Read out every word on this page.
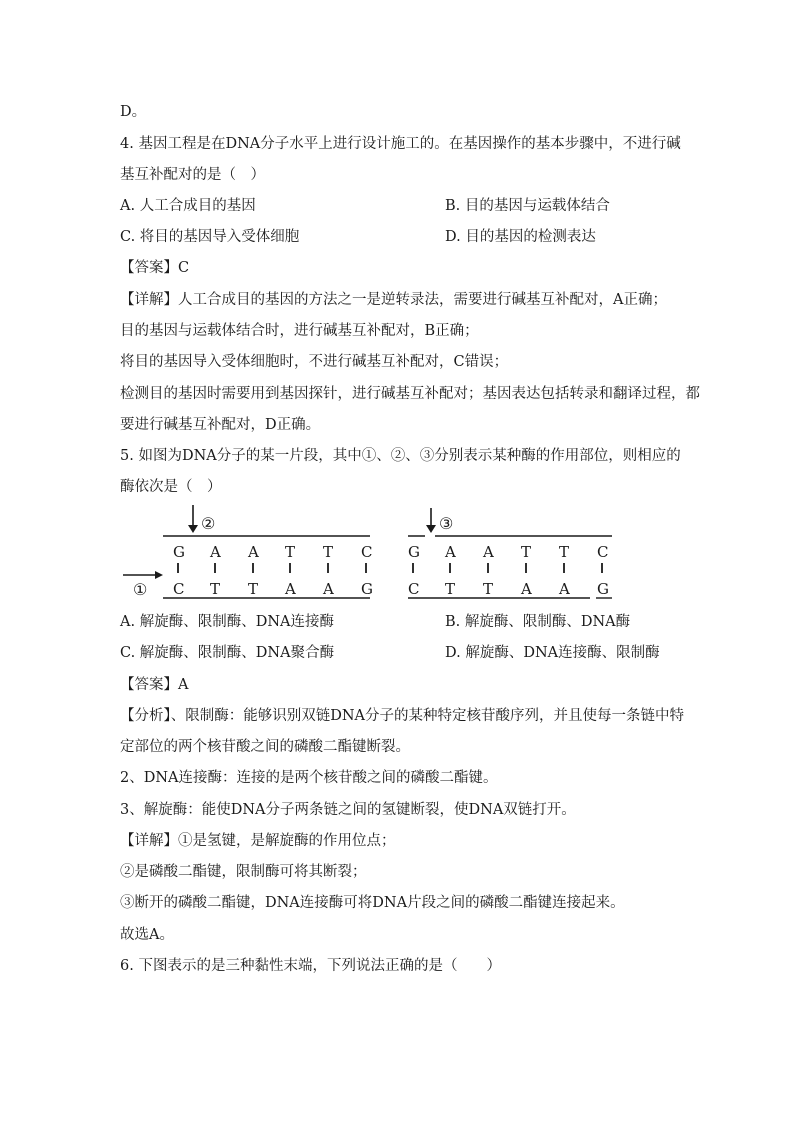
D。
4. 基因工程是在DNA分子水平上进行设计施工的。在基因操作的基本步骤中，不进行碱
基互补配对的是（　）
A. 人工合成目的基因	B. 目的基因与运载体结合
C. 将目的基因导入受体细胞	D. 目的基因的检测表达
【答案】C
【详解】人工合成目的基因的方法之一是逆转录法，需要进行碱基互补配对，A正确；
目的基因与运载体结合时，进行碱基互补配对，B正确；
将目的基因导入受体细胞时，不进行碱基互补配对，C错误；
检测目的基因时需要用到基因探针，进行碱基互补配对；基因表达包括转录和翻译过程，都
要进行碱基互补配对，D正确。
5. 如图为DNA分子的某一片段，其中①、②、③分别表示某种酶的作用部位，则相应的
酶依次是（　）
②
G A A T T C
① C T T A A G
③
G A A T T C
C T T A A G
A. 解旋酶、限制酶、DNA连接酶	B. 解旋酶、限制酶、DNA酶
C. 解旋酶、限制酶、DNA聚合酶	D. 解旋酶、DNA连接酶、限制酶
【答案】A
【分析】、限制酶：能够识别双链DNA分子的某种特定核苷酸序列，并且使每一条链中特
定部位的两个核苷酸之间的磷酸二酯键断裂。
2、DNA连接酶：连接的是两个核苷酸之间的磷酸二酯键。
3、解旋酶：能使DNA分子两条链之间的氢键断裂，使DNA双链打开。
【详解】①是氢键，是解旋酶的作用位点；
②是磷酸二酯键，限制酶可将其断裂；
③断开的磷酸二酯键，DNA连接酶可将DNA片段之间的磷酸二酯键连接起来。
故选A。
6. 下图表示的是三种黏性末端，下列说法正确的是（　　）
